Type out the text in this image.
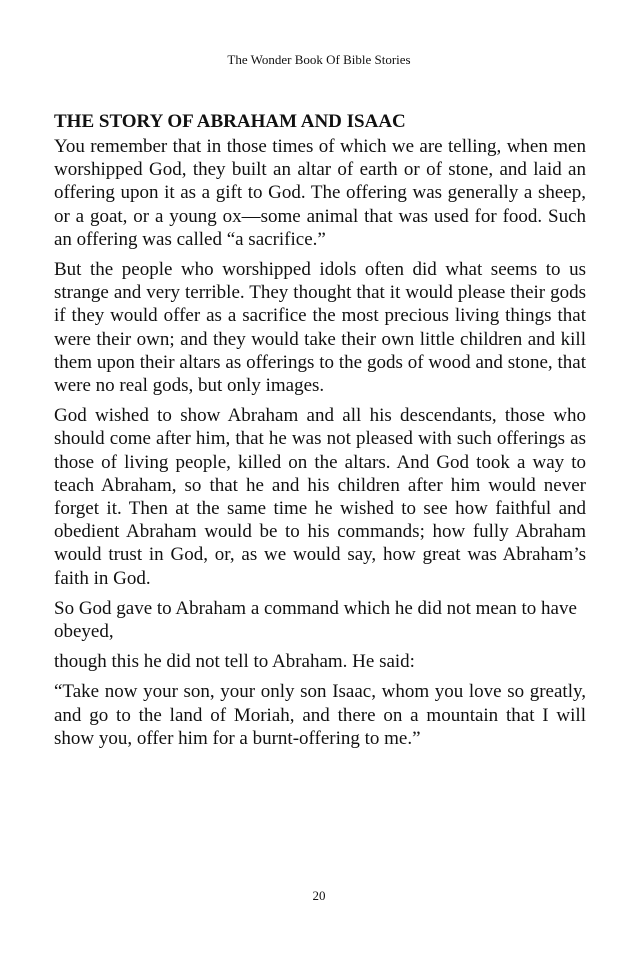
The Wonder Book Of Bible Stories
THE STORY OF ABRAHAM AND ISAAC

You remember that in those times of which we are telling, when men worshipped God, they built an altar of earth or of stone, and laid an offering upon it as a gift to God. The offering was generally a sheep, or a goat, or a young ox—some animal that was used for food. Such an offering was called “a sacrifice.”

But the people who worshipped idols often did what seems to us strange and very terrible. They thought that it would please their gods if they would offer as a sacrifice the most precious living things that were their own; and they would take their own little children and kill them upon their altars as offerings to the gods of wood and stone, that were no real gods, but only images.

God wished to show Abraham and all his descendants, those who should come after him, that he was not pleased with such offerings as those of living people, killed on the altars. And God took a way to teach Abraham, so that he and his children after him would never forget it. Then at the same time he wished to see how faithful and obedient Abraham would be to his commands; how fully Abraham would trust in God, or, as we would say, how great was Abraham’s faith in God.

So God gave to Abraham a command which he did not mean to have obeyed,

though this he did not tell to Abraham. He said:

“Take now your son, your only son Isaac, whom you love so greatly, and go to the land of Moriah, and there on a mountain that I will show you, offer him for a burnt-offering to me.”

20
